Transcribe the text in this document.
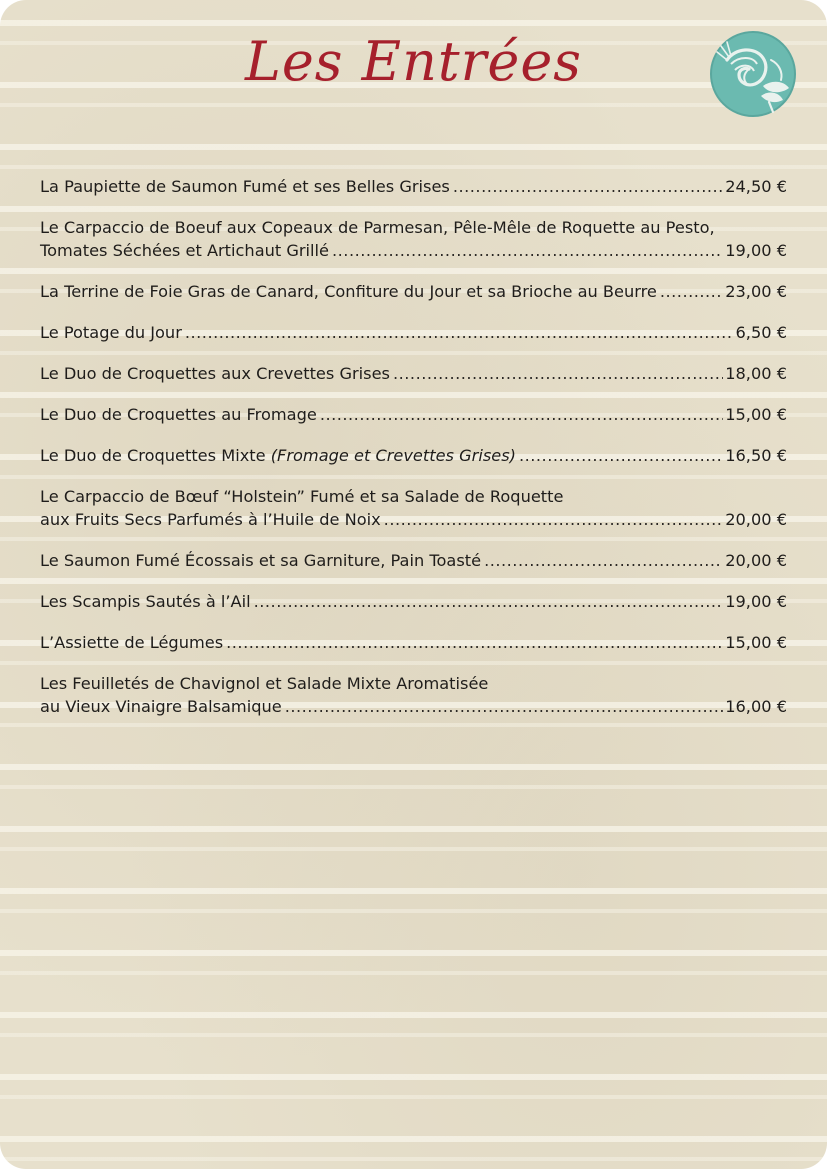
Les Entrées
La Paupiette de Saumon Fumé et ses Belles Grises .....	24,50 €
Le Carpaccio de Boeuf aux Copeaux de Parmesan, Pêle-Mêle de Roquette au Pesto,
Tomates Séchées et Artichaut Grillé .....	19,00 €
La Terrine de Foie Gras de Canard, Confiture du Jour et sa Brioche au Beurre .....	23,00 €
Le Potage du Jour .....	6,50 €
Le Duo de Croquettes aux Crevettes Grises .....	18,00 €
Le Duo de Croquettes au Fromage .....	15,00 €
Le Duo de Croquettes Mixte
(Fromage et Crevettes Grises) .....	16,50 €
Le Carpaccio de Bœuf “Holstein” Fumé et sa Salade de Roquette
aux Fruits Secs Parfumés à l’Huile de Noix .....	20,00 €
Le Saumon Fumé Écossais et sa Garniture, Pain Toasté .....	20,00 €
Les Scampis Sautés à l’Ail .....	19,00 €
L’Assiette de Légumes .....	15,00 €
Les Feuilletés de Chavignol et Salade Mixte Aromatisée
au Vieux Vinaigre Balsamique .....	16,00 €
